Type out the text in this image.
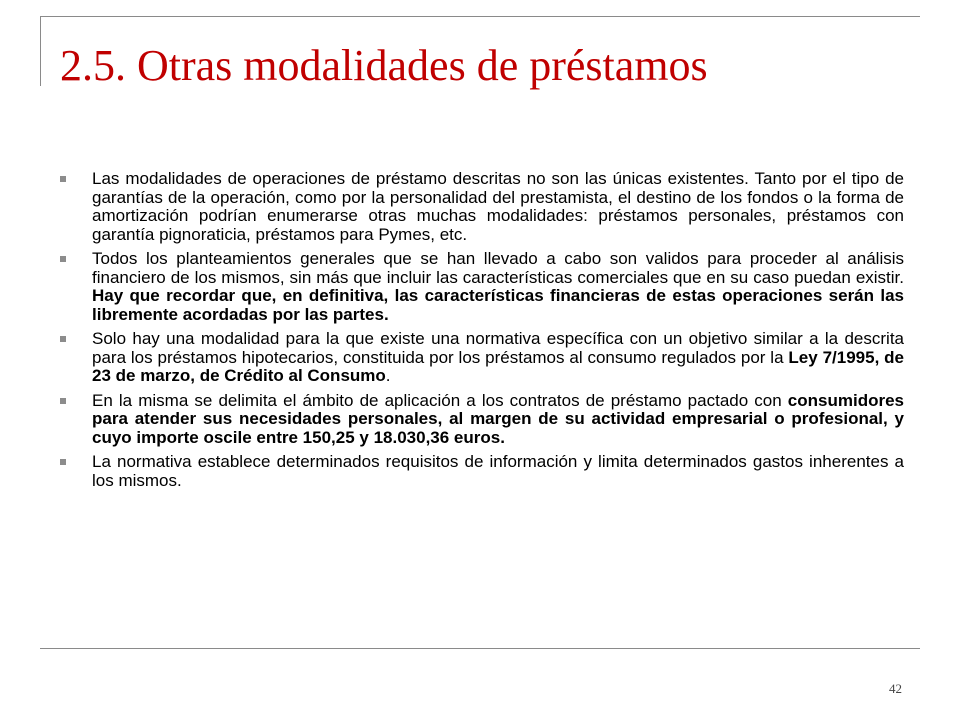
2.5. Otras modalidades de préstamos
Las modalidades de operaciones de préstamo descritas no son las únicas existentes. Tanto por el tipo de garantías de la operación, como por la personalidad del prestamista, el destino de los fondos o la forma de amortización podrían enumerarse otras muchas modalidades: préstamos personales, préstamos con garantía pignoraticia, préstamos para Pymes, etc.
Todos los planteamientos generales que se han llevado a cabo son validos para proceder al análisis financiero de los mismos, sin más que incluir las características comerciales que en su caso puedan existir. Hay que recordar que, en definitiva, las características financieras de estas operaciones serán las libremente acordadas por las partes.
Solo hay una modalidad para la que existe una normativa específica con un objetivo similar a la descrita para los préstamos hipotecarios, constituida por los préstamos al consumo regulados por la Ley 7/1995, de 23 de marzo, de Crédito al Consumo.
En la misma se delimita el ámbito de aplicación a los contratos de préstamo pactado con consumidores para atender sus necesidades personales, al margen de su actividad empresarial o profesional, y cuyo importe oscile entre 150,25 y 18.030,36 euros.
La normativa establece determinados requisitos de información y limita determinados gastos inherentes a los mismos.
42
